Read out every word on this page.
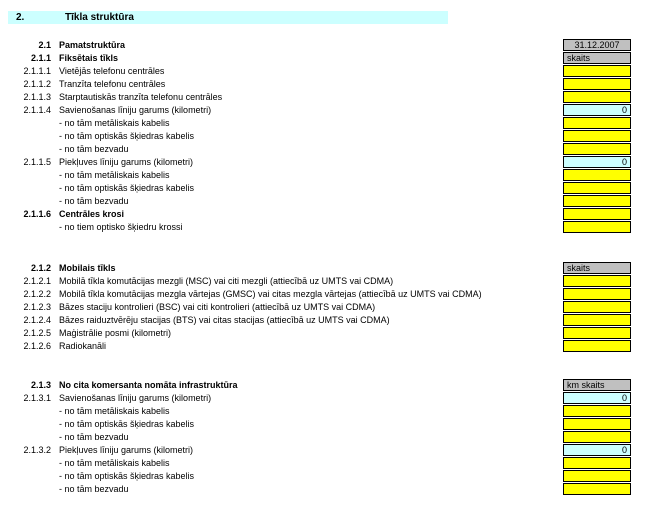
2.	Tīkla struktūra
2.1 Pamatstruktūra
2.1.1 Fiksētais tīkls
2.1.1.1 Vietējās telefonu centrāles
2.1.1.2 Tranzīta telefonu centrāles
2.1.1.3 Starptautiskās tranzīta telefonu centrāles
2.1.1.4 Savienošanas līniju garums (kilometri)
- no tām metāliskais kabelis
- no tām optiskās šķiedras kabelis
- no tām bezvadu
2.1.1.5 Piekļuves līniju garums (kilometri)
- no tām metāliskais kabelis
- no tām optiskās šķiedras kabelis
- no tām bezvadu
2.1.1.6 Centrāles krosi
- no tiem optisko šķiedru krossi
31.12.2007
skaits
0
0
2.1.2 Mobilais tīkls
2.1.2.1 Mobilā tīkla komutācijas mezgli (MSC) vai citi mezgli (attiecībā uz UMTS vai CDMA)
2.1.2.2 Mobilā tīkla komutācijas mezgla vārtejas (GMSC) vai citas mezgla vārtejas (attiecībā uz UMTS vai CDMA)
2.1.2.3 Bāzes staciju kontrolieri (BSC) vai citi kontrolieri (attiecībā uz UMTS vai CDMA)
2.1.2.4 Bāzes raiduztvērēju stacijas (BTS) vai citas stacijas (attiecībā uz UMTS vai CDMA)
2.1.2.5 Maģistrālie posmi (kilometri)
2.1.2.6 Radiokanāli
skaits
2.1.3 No cita komersanta nomāta infrastruktūra
2.1.3.1 Savienošanas līniju garums (kilometri)
- no tām metāliskais kabelis
- no tām optiskās šķiedras kabelis
- no tām bezvadu
2.1.3.2 Piekļuves līniju garums (kilometri)
- no tām metāliskais kabelis
- no tām optiskās šķiedras kabelis
- no tām bezvadu
km skaits
0
0
